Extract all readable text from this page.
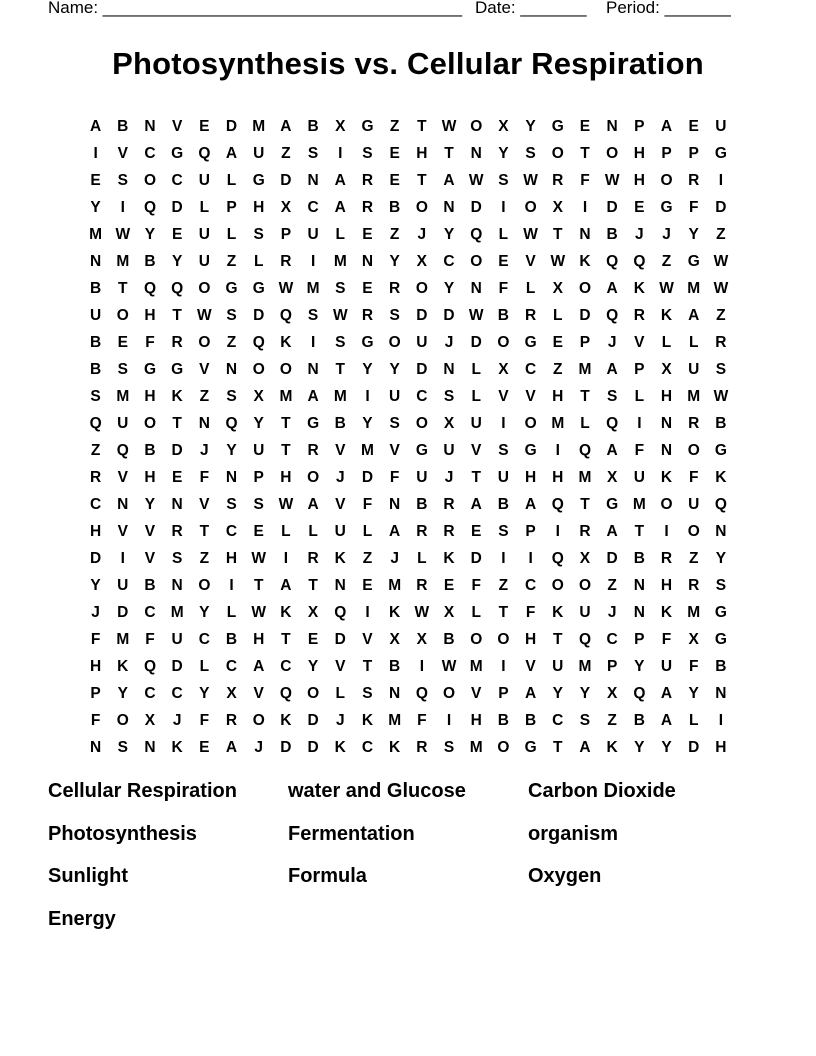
Name: ______________________________________ Date: _______ Period: _______
Photosynthesis vs. Cellular Respiration
A	B	N	V	E	D M A	B	X	G	Z	T W O	X	Y	G	E	N	P	A	E	U
I	V	C	G Q	A	U	Z	S	I	S	E	H	T	N	Y	S	O	T	O	H	P	P	G
E	S	O	C	U	L	G	D	N	A	R	E	T	A W S W R	F W H	O	R	I
Y	I	Q	D	L	P	H	X	C	A	R	B	O	N	D	I	O	X	I	D	E	G	F	D
M W Y	E	U	L	S	P	U	L	E	Z	J	Y	Q	L W T	N	B	J	J	Y	Z
N M B	Y	U	Z	L	R	I	M N	Y	X	C	O	E	V W K	Q Q	Z	G W
B	T	Q Q O G G W M	S	E	R	O	Y	N	F	L	X	O	A	K W M W
U	O	H	T W S	D	Q	S W R	S	D	D W B	R	L	D	Q	R	K	A	Z
B	E	F	R	O	Z	Q	K	I	S	G O	U	J	D	O G	E	P	J	V	L	L	R
B	S	G G	V	N	O O	N	T	Y	Y	D	N	L	X	C	Z	M A	P	X	U	S
S	M H	K	Z	S	X	M A M	I	U	C	S	L	V	V	H	T	S	L	H M W
Q	U	O	T	N	Q	Y	T	G	B	Y	S	O	X	U	I	O M	L	Q	I	N	R	B
Z	Q	B	D	J	Y	U	T	R	V	M	V	G	U	V	S	G	I	Q	A	F	N	O G
R	V	H	E	F	N	P	H	O	J	D	F	U	J	T	U	H	H M	X	U	K	F	K
C	N	Y	N	V	S	S W A	V	F	N	B	R	A	B	A	Q	T	G M O	U	Q
H	V	V	R	T	C	E	L	L	U	L	A	R	R	E	S	P	I	R	A	T	I	O	N
D	I	V	S	Z	H W	I	R	K	Z	J	L	K	D	I	I	Q	X	D	B	R	Z	Y
Y	U	B	N	O	I	T	A	T	N	E	M R	E	F	Z	C	O O	Z	N	H	R	S
J	D	C M	Y	L W K	X	Q	I	K W X	L	T	F	K	U	J	N	K M G
F	M	F	U	C	B	H	T	E	D	V	X	X	B	O O	H	T	Q	C	P	F	X	G
H	K	Q	D	L	C	A	C	Y	V	T	B	I	W M	I	V	U M	P	Y	U	F	B
P	Y	C	C	Y	X	V	Q O	L	S	N	Q O	V	P	A	Y	Y	X	Q	A	Y	N
F	O	X	J	F	R	O	K	D	J	K M	F	I	H	B	B	C	S	Z	B	A	L	I
N	S	N	K	E	A	J	D	D	K	C	K	R	S	M O G	T	A	K	Y	Y	D	H
Cellular Respiration	water and Glucose	Carbon Dioxide
Photosynthesis	Fermentation	organism
Sunlight	Formula	Oxygen
Energy
